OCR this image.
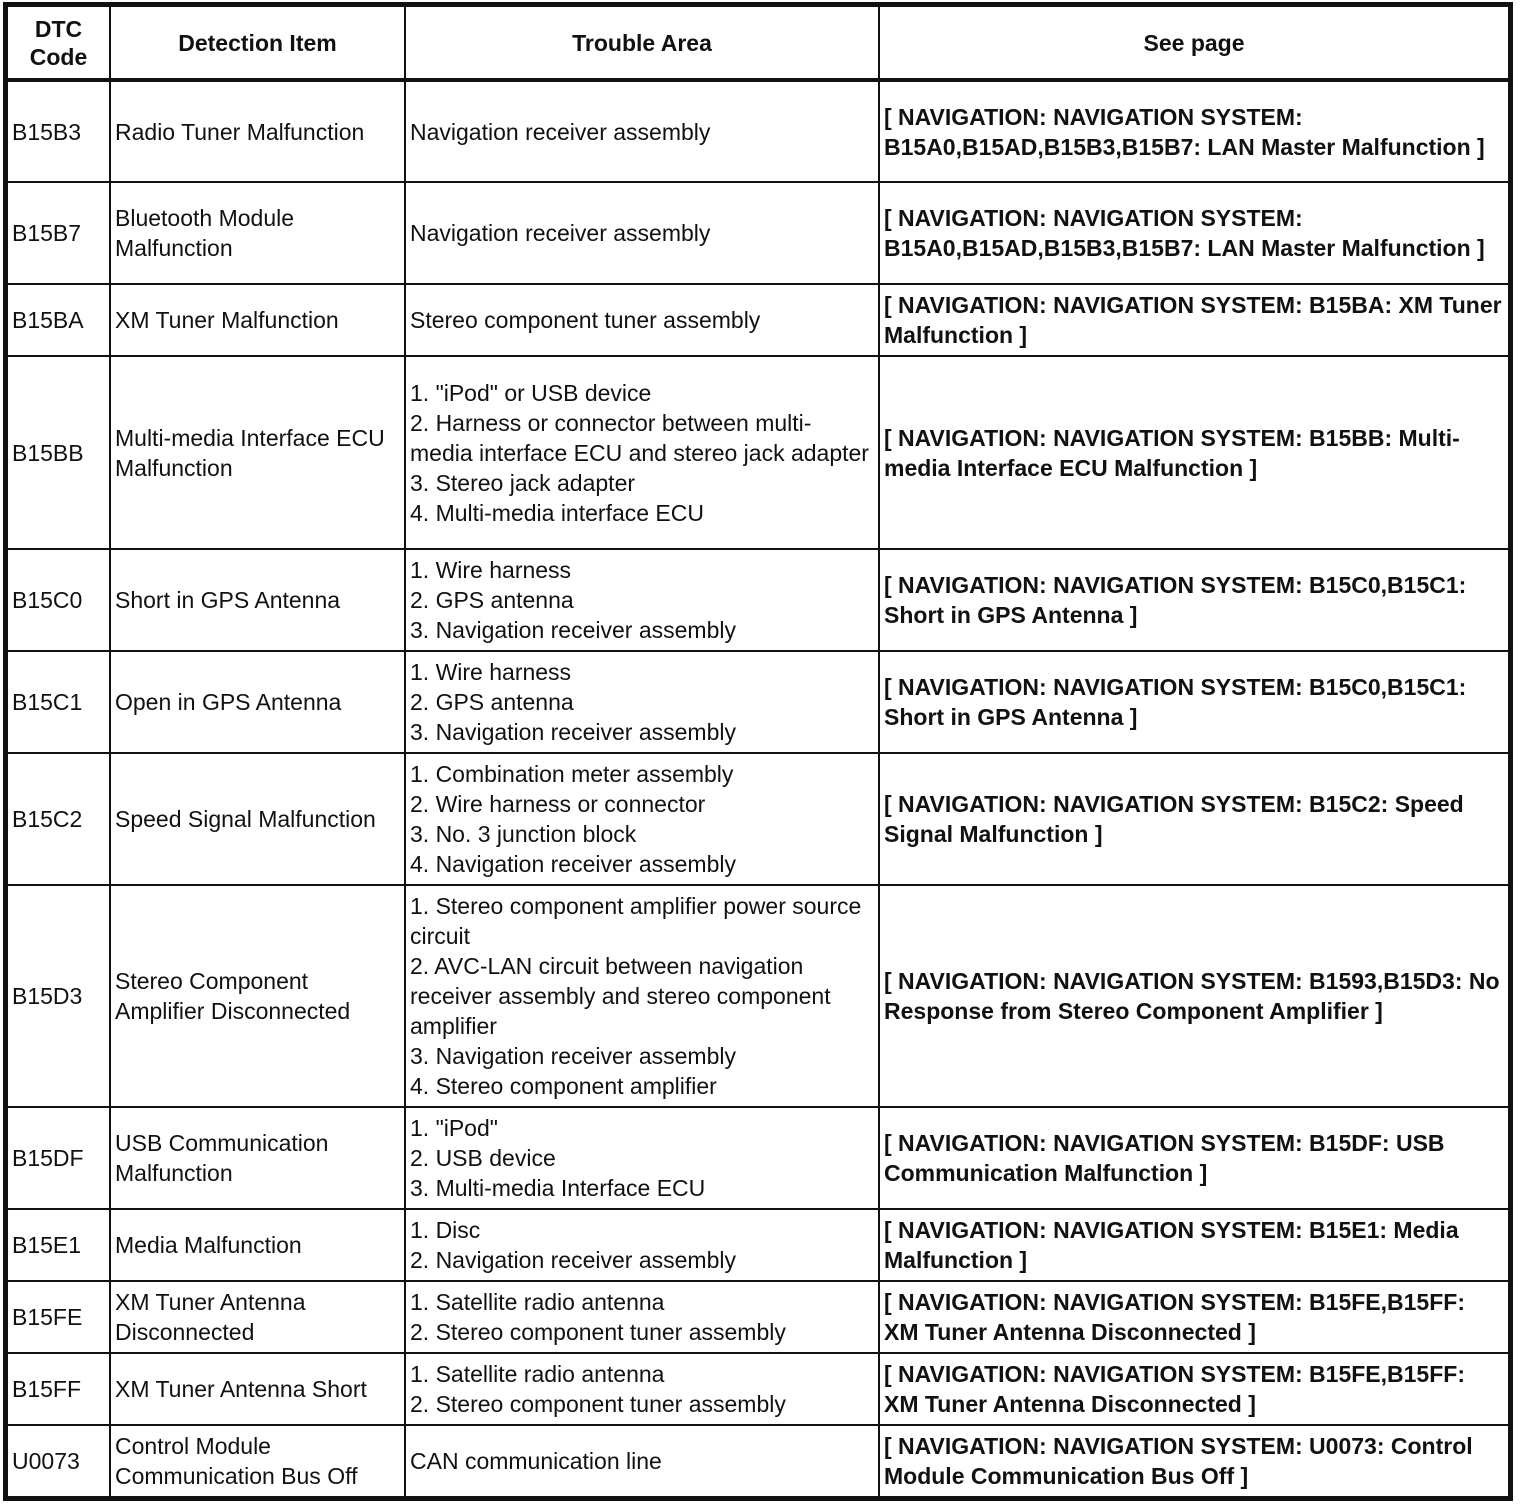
DTC
Code	Detection Item	Trouble Area	See page
B15B3	Radio Tuner Malfunction	Navigation receiver assembly	[ NAVIGATION: NAVIGATION SYSTEM: B15A0,B15AD,B15B3,B15B7: LAN Master Malfunction ]
B15B7	Bluetooth Module Malfunction	Navigation receiver assembly	[ NAVIGATION: NAVIGATION SYSTEM: B15A0,B15AD,B15B3,B15B7: LAN Master Malfunction ]
B15BA	XM Tuner Malfunction	Stereo component tuner assembly	[ NAVIGATION: NAVIGATION SYSTEM: B15BA: XM Tuner Malfunction ]
B15BB	Multi-media Interface ECU Malfunction	1. "iPod" or USB device
2. Harness or connector between multi-media interface ECU and stereo jack adapter
3. Stereo jack adapter
4. Multi-media interface ECU	[ NAVIGATION: NAVIGATION SYSTEM: B15BB: Multi-media Interface ECU Malfunction ]
B15C0	Short in GPS Antenna	1. Wire harness
2. GPS antenna
3. Navigation receiver assembly	[ NAVIGATION: NAVIGATION SYSTEM: B15C0,B15C1: Short in GPS Antenna ]
B15C1	Open in GPS Antenna	1. Wire harness
2. GPS antenna
3. Navigation receiver assembly	[ NAVIGATION: NAVIGATION SYSTEM: B15C0,B15C1: Short in GPS Antenna ]
B15C2	Speed Signal Malfunction	1. Combination meter assembly
2. Wire harness or connector
3. No. 3 junction block
4. Navigation receiver assembly	[ NAVIGATION: NAVIGATION SYSTEM: B15C2: Speed Signal Malfunction ]
B15D3	Stereo Component Amplifier Disconnected	1. Stereo component amplifier power source circuit
2. AVC-LAN circuit between navigation receiver assembly and stereo component amplifier
3. Navigation receiver assembly
4. Stereo component amplifier	[ NAVIGATION: NAVIGATION SYSTEM: B1593,B15D3: No Response from Stereo Component Amplifier ]
B15DF	USB Communication Malfunction	1. "iPod"
2. USB device
3. Multi-media Interface ECU	[ NAVIGATION: NAVIGATION SYSTEM: B15DF: USB Communication Malfunction ]
B15E1	Media Malfunction	1. Disc
2. Navigation receiver assembly	[ NAVIGATION: NAVIGATION SYSTEM: B15E1: Media Malfunction ]
B15FE	XM Tuner Antenna Disconnected	1. Satellite radio antenna
2. Stereo component tuner assembly	[ NAVIGATION: NAVIGATION SYSTEM: B15FE,B15FF: XM Tuner Antenna Disconnected ]
B15FF	XM Tuner Antenna Short	1. Satellite radio antenna
2. Stereo component tuner assembly	[ NAVIGATION: NAVIGATION SYSTEM: B15FE,B15FF: XM Tuner Antenna Disconnected ]
U0073	Control Module Communication Bus Off	CAN communication line	[ NAVIGATION: NAVIGATION SYSTEM: U0073: Control Module Communication Bus Off ]
